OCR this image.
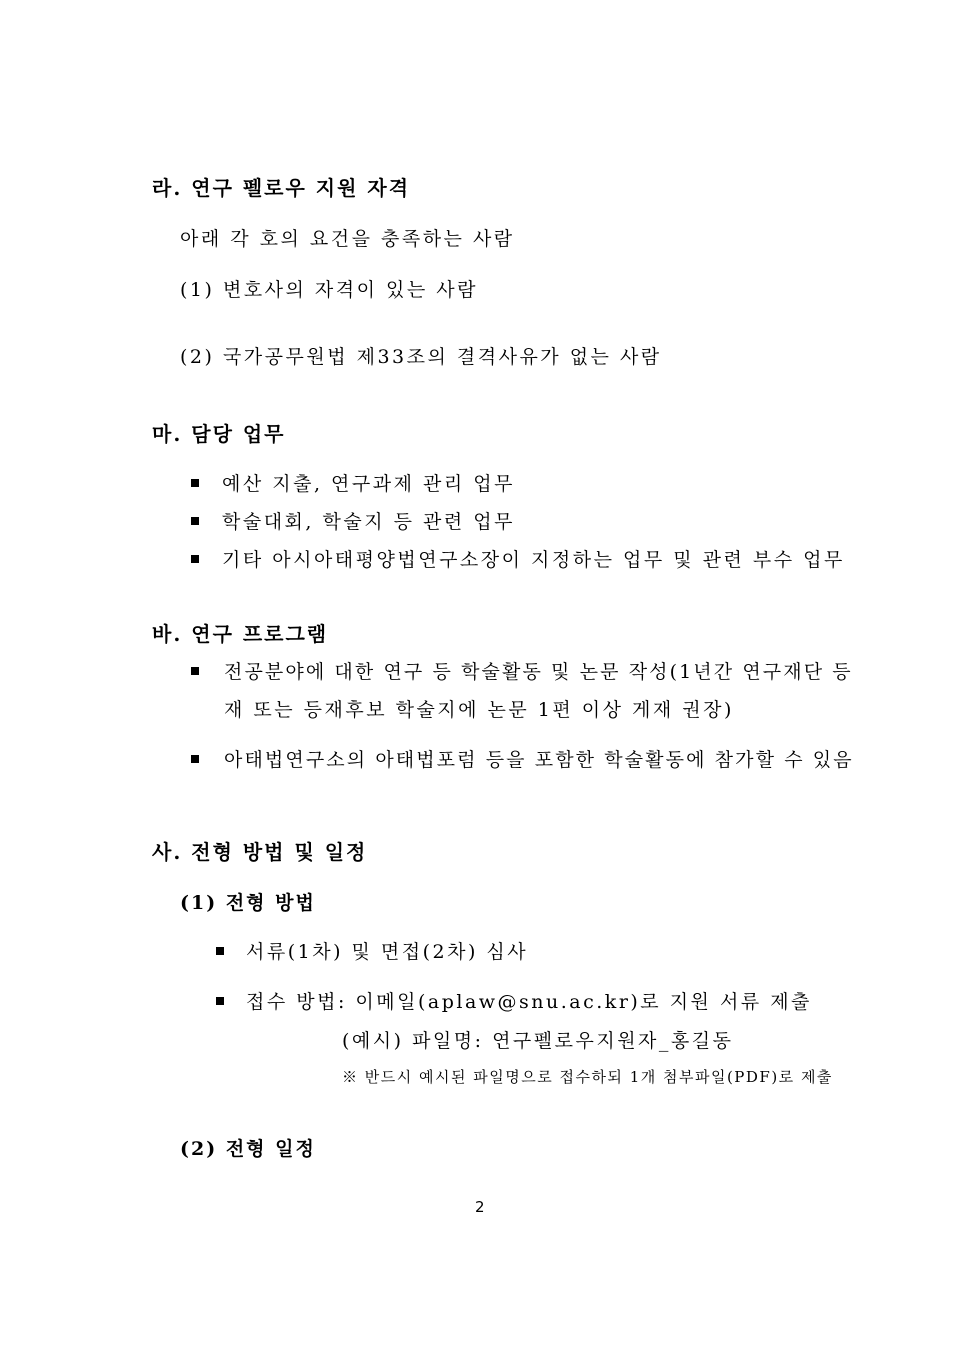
라. 연구 펠로우 지원 자격
아래 각 호의 요건을 충족하는 사람
(1) 변호사의 자격이 있는 사람
(2) 국가공무원법 제33조의 결격사유가 없는 사람
마. 담당 업무
예산 지출, 연구과제 관리 업무
학술대회, 학술지 등 관련 업무
기타 아시아태평양법연구소장이 지정하는 업무 및 관련 부수 업무
바. 연구 프로그램
전공분야에 대한 연구 등 학술활동 및 논문 작성(1년간 연구재단 등
재 또는 등재후보 학술지에 논문 1편 이상 게재 권장)
아태법연구소의 아태법포럼 등을 포함한 학술활동에 참가할 수 있음
사. 전형 방법 및 일정
(1) 전형 방법
서류(1차) 및 면접(2차) 심사
접수 방법: 이메일(aplaw@snu.ac.kr)로 지원 서류 제출
(예시) 파일명: 연구펠로우지원자_홍길동
※ 반드시 예시된 파일명으로 접수하되 1개 첨부파일(PDF)로 제출
(2) 전형 일정
2
